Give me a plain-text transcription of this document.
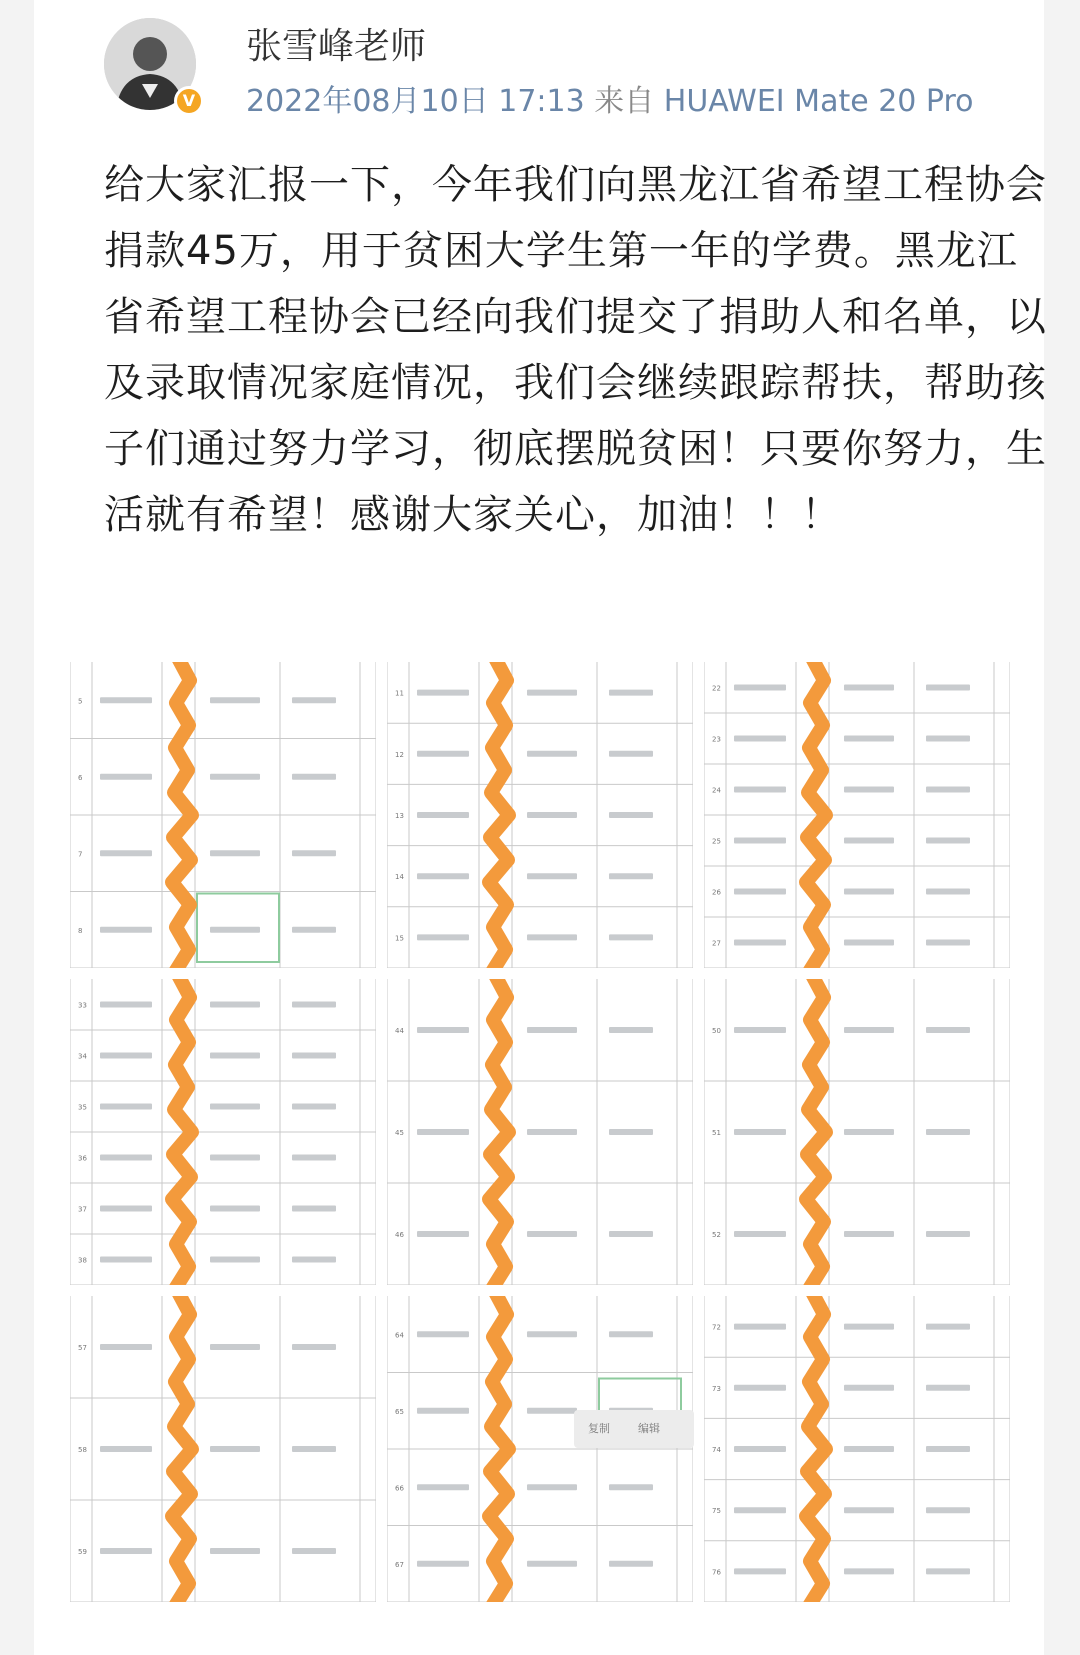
V
张雪峰老师
2022年08月10日 17:13 来自 HUAWEI Mate 20 Pro
给大家汇报一下，今年我们向黑龙江省希望工程协会捐款45万，用于贫困大学生第一年的学费。黑龙江省希望工程协会已经向我们提交了捐助人和名单，以及录取情况家庭情况，我们会继续跟踪帮扶，帮助孩子们通过努力学习，彻底摆脱贫困！只要你努力，生活就有希望！感谢大家关心，加油！！！
5
6
7
8
11
12
13
14
15
22
23
24
25
26
27
33
34
35
36
37
38
44
45
46
50
51
52
57
58
59
64
65
66
67
72
73
74
75
76
复制	编辑
